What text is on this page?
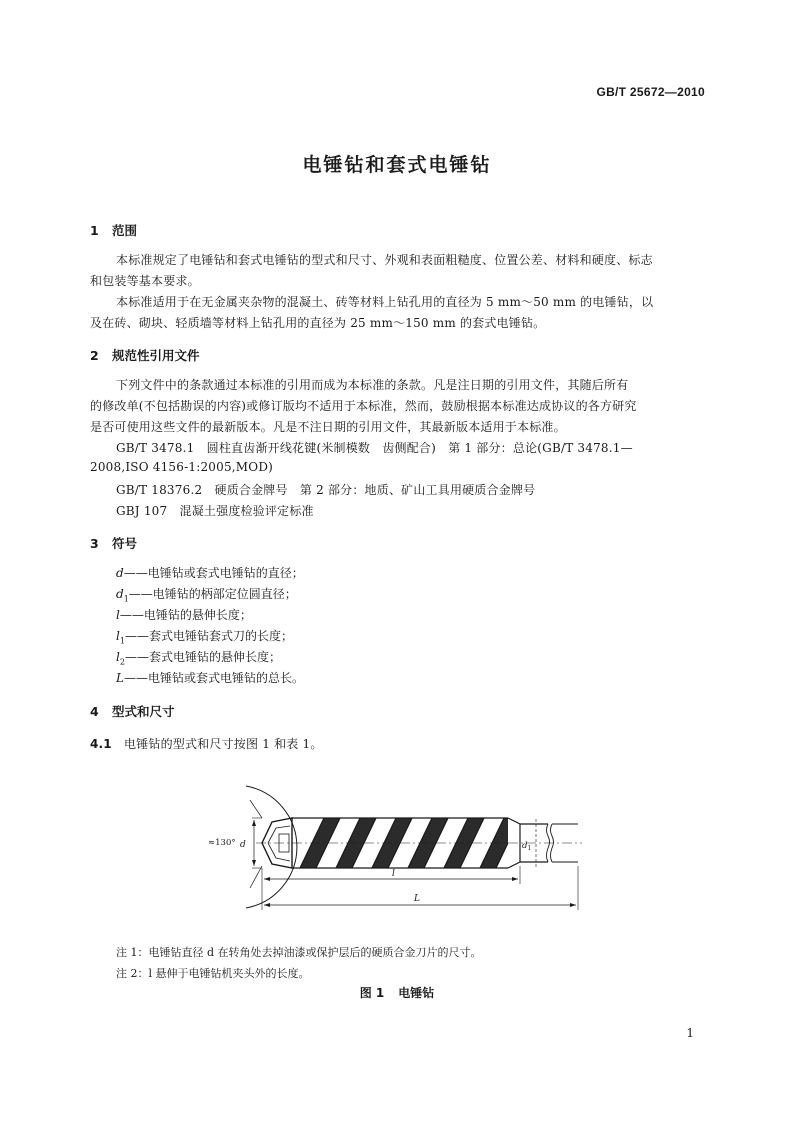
GB/T 25672—2010
电锤钻和套式电锤钻
1 范围
本标准规定了电锤钻和套式电锤钻的型式和尺寸、外观和表面粗糙度、位置公差、材料和硬度、标志
和包装等基本要求。
本标准适用于在无金属夹杂物的混凝土、砖等材料上钻孔用的直径为 5 mm～50 mm 的电锤钻，以
及在砖、砌块、轻质墙等材料上钻孔用的直径为 25 mm～150 mm 的套式电锤钻。
2 规范性引用文件
下列文件中的条款通过本标准的引用而成为本标准的条款。凡是注日期的引用文件，其随后所有
的修改单(不包括勘误的内容)或修订版均不适用于本标准，然而，鼓励根据本标准达成协议的各方研究
是否可使用这些文件的最新版本。凡是不注日期的引用文件，其最新版本适用于本标准。
GB/T 3478.1　圆柱直齿渐开线花键(米制模数　齿侧配合)　第 1 部分：总论(GB/T 3478.1—
2008,ISO 4156-1:2005,MOD)
GB/T 18376.2　硬质合金牌号　第 2 部分：地质、矿山工具用硬质合金牌号
GBJ 107　混凝土强度检验评定标准
3 符号
d——电锤钻或套式电锤钻的直径；
$d_1——$电锤钻的柄部定位圆直径；
l——电锤钻的悬伸长度；
$l_1——$套式电锤钻套式刀的长度；
$l_2——$套式电锤钻的悬伸长度；
L——电锤钻或套式电锤钻的总长。
4 型式和尺寸
4.1 电锤钻的型式和尺寸按图 1 和表 1。
≈130° d	$d_1$
l
L
注 1：电锤钻直径 d 在转角处去掉油漆或保护层后的硬质合金刀片的尺寸。
注 2：l 悬伸于电锤钻机夹头外的长度。
图 1 电锤钻
1
